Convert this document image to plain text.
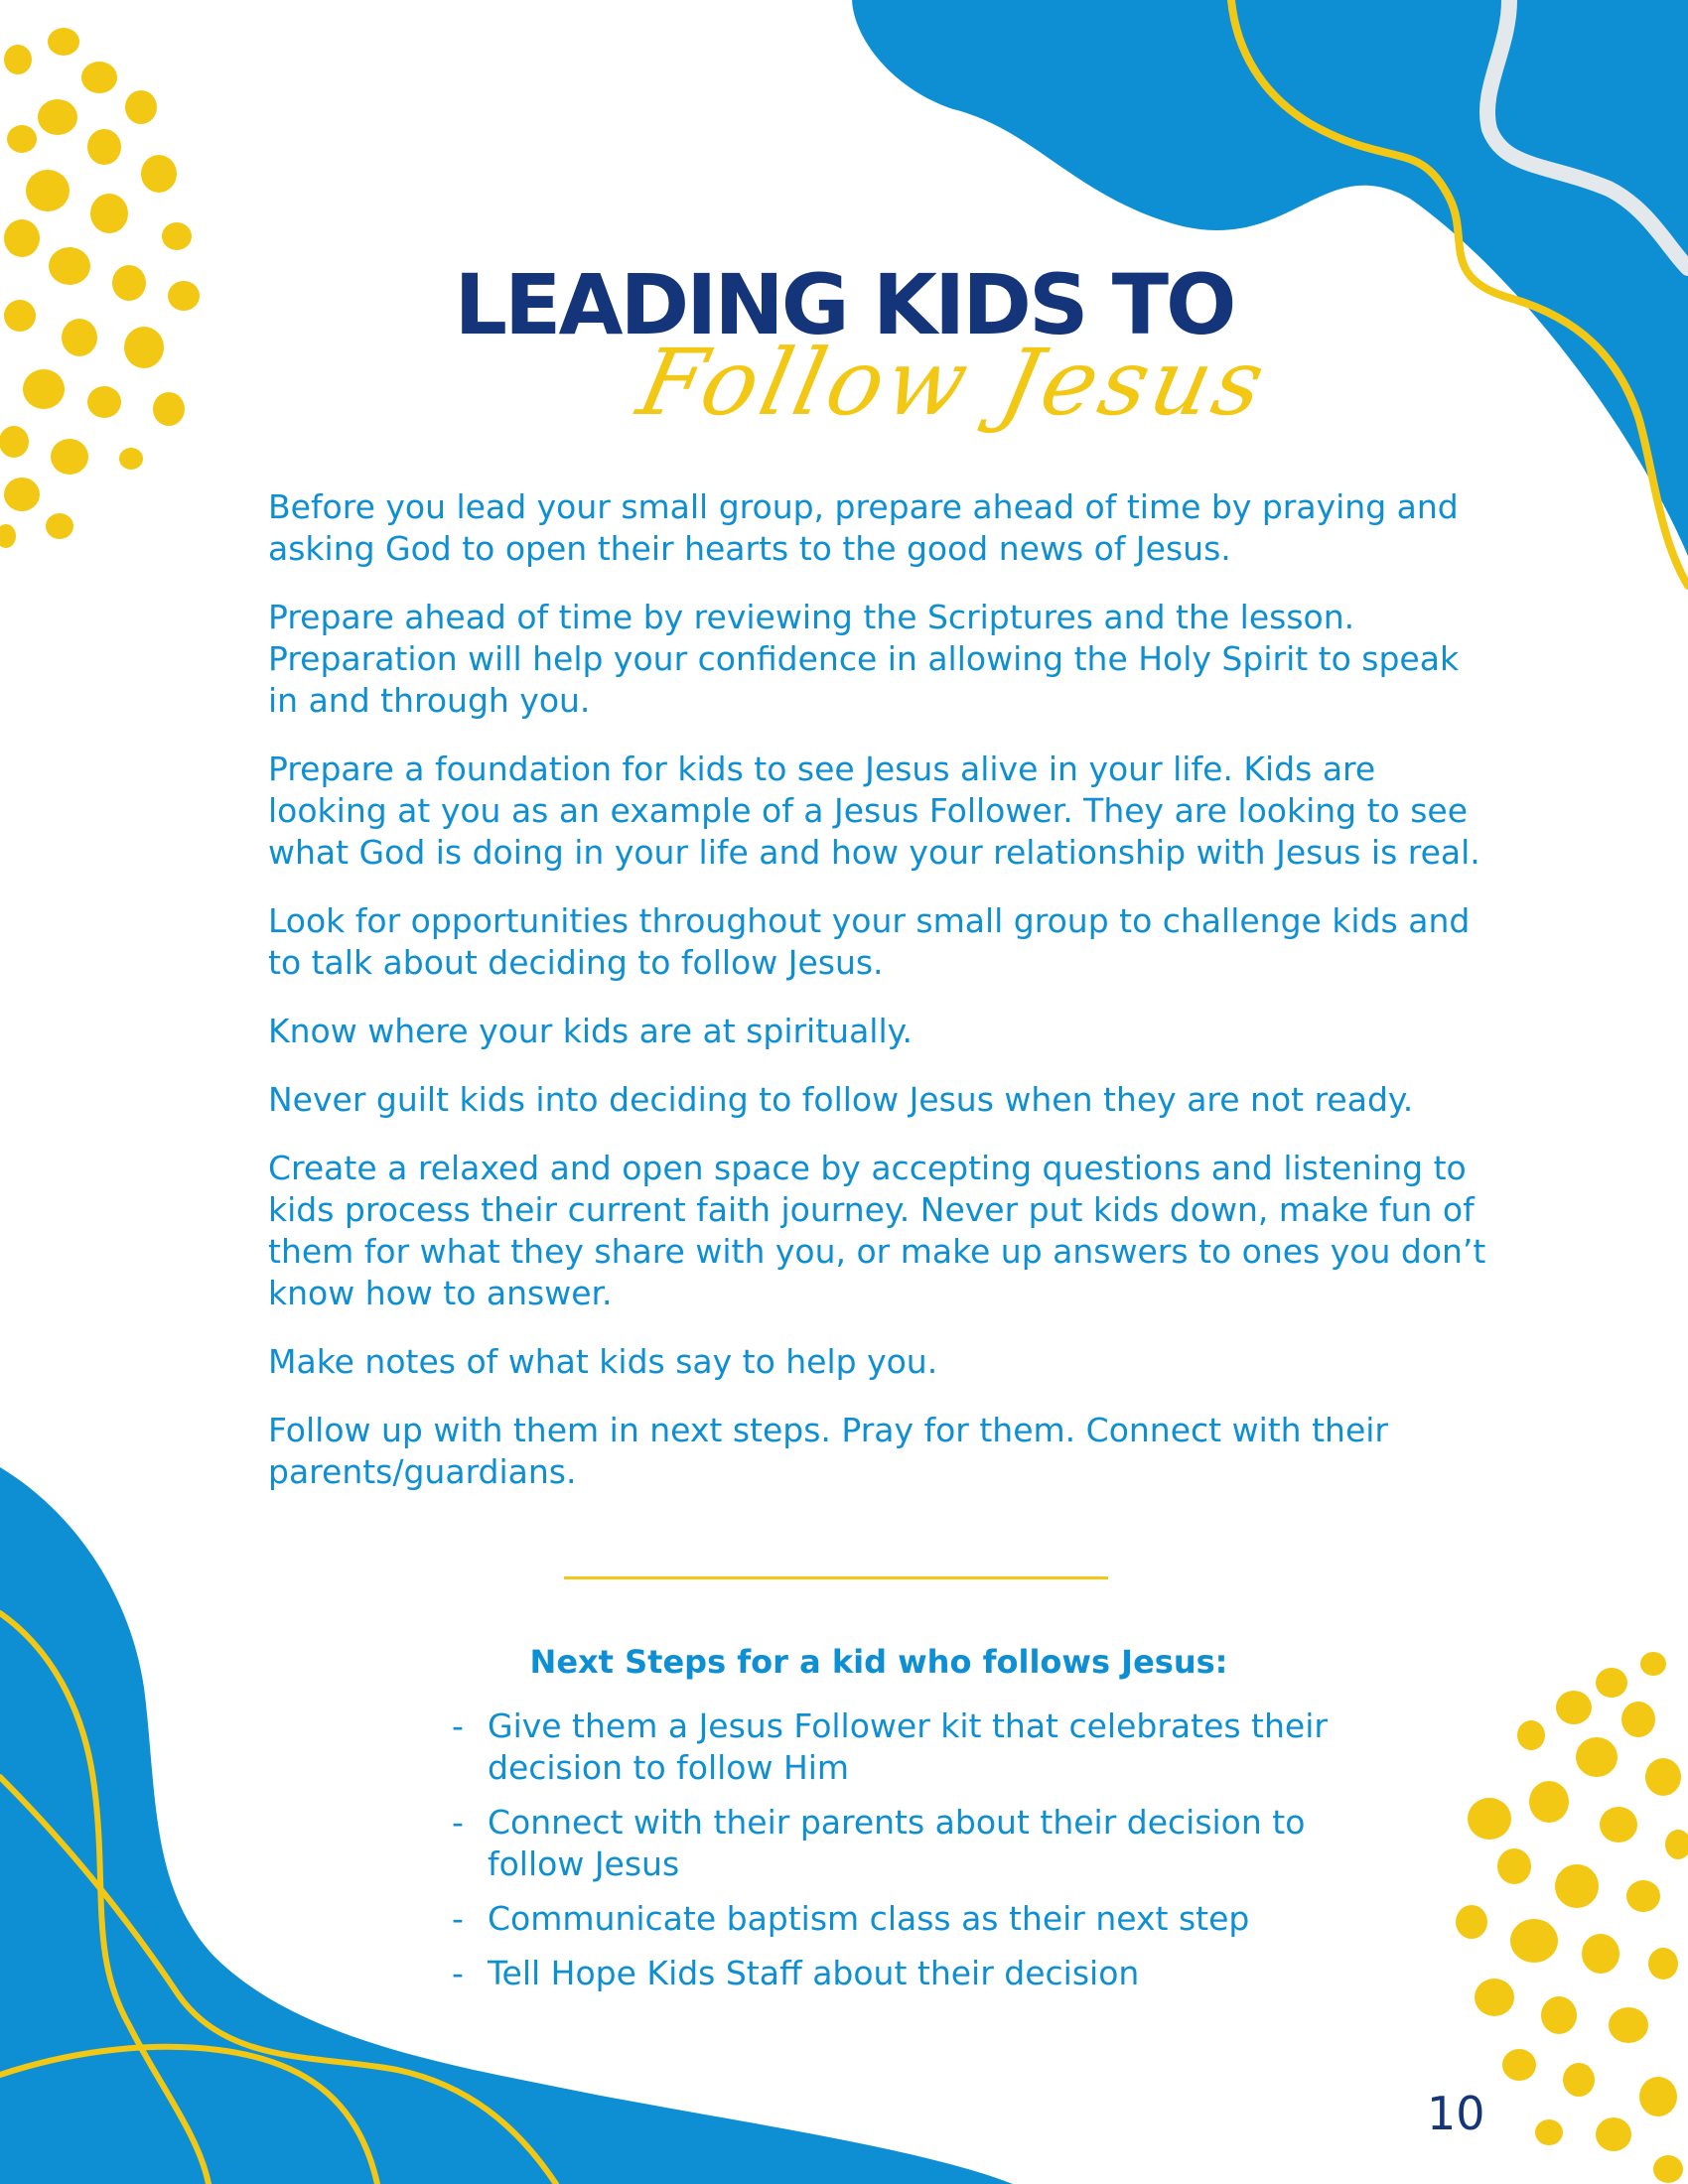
LEADING KIDS TO
Follow Jesus

Before you lead your small group, prepare ahead of time by praying and asking God to open their hearts to the good news of Jesus.

Prepare ahead of time by reviewing the Scriptures and the lesson. Preparation will help your confidence in allowing the Holy Spirit to speak in and through you.

Prepare a foundation for kids to see Jesus alive in your life. Kids are looking at you as an example of a Jesus Follower. They are looking to see what God is doing in your life and how your relationship with Jesus is real.

Look for opportunities throughout your small group to challenge kids and to talk about deciding to follow Jesus.

Know where your kids are at spiritually.

Never guilt kids into deciding to follow Jesus when they are not ready.

Create a relaxed and open space by accepting questions and listening to kids process their current faith journey. Never put kids down, make fun of them for what they share with you, or make up answers to ones you don’t know how to answer.

Make notes of what kids say to help you.

Follow up with them in next steps. Pray for them. Connect with their parents/guardians.

Next Steps for a kid who follows Jesus:
- Give them a Jesus Follower kit that celebrates their decision to follow Him
- Connect with their parents about their decision to follow Jesus
- Communicate baptism class as their next step
- Tell Hope Kids Staff about their decision
10
